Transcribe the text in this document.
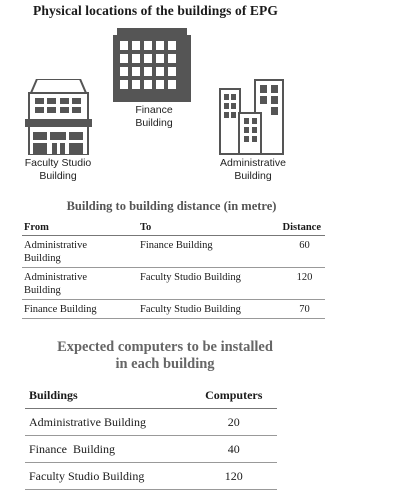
Physical locations of the buildings of EPG
Finance
Building
Faculty Studio
Building
Administrative
Building
Building to building distance (in metre)
From	To	Distance

Administrative
Building	Finance Building	60

Administrative
Building	Faculty Studio Building	120

Finance Building	Faculty Studio Building	70
Expected computers to be installed
in each building
Buildings	Computers
Administrative Building	20
Finance  Building	40
Faculty Studio Building	120
